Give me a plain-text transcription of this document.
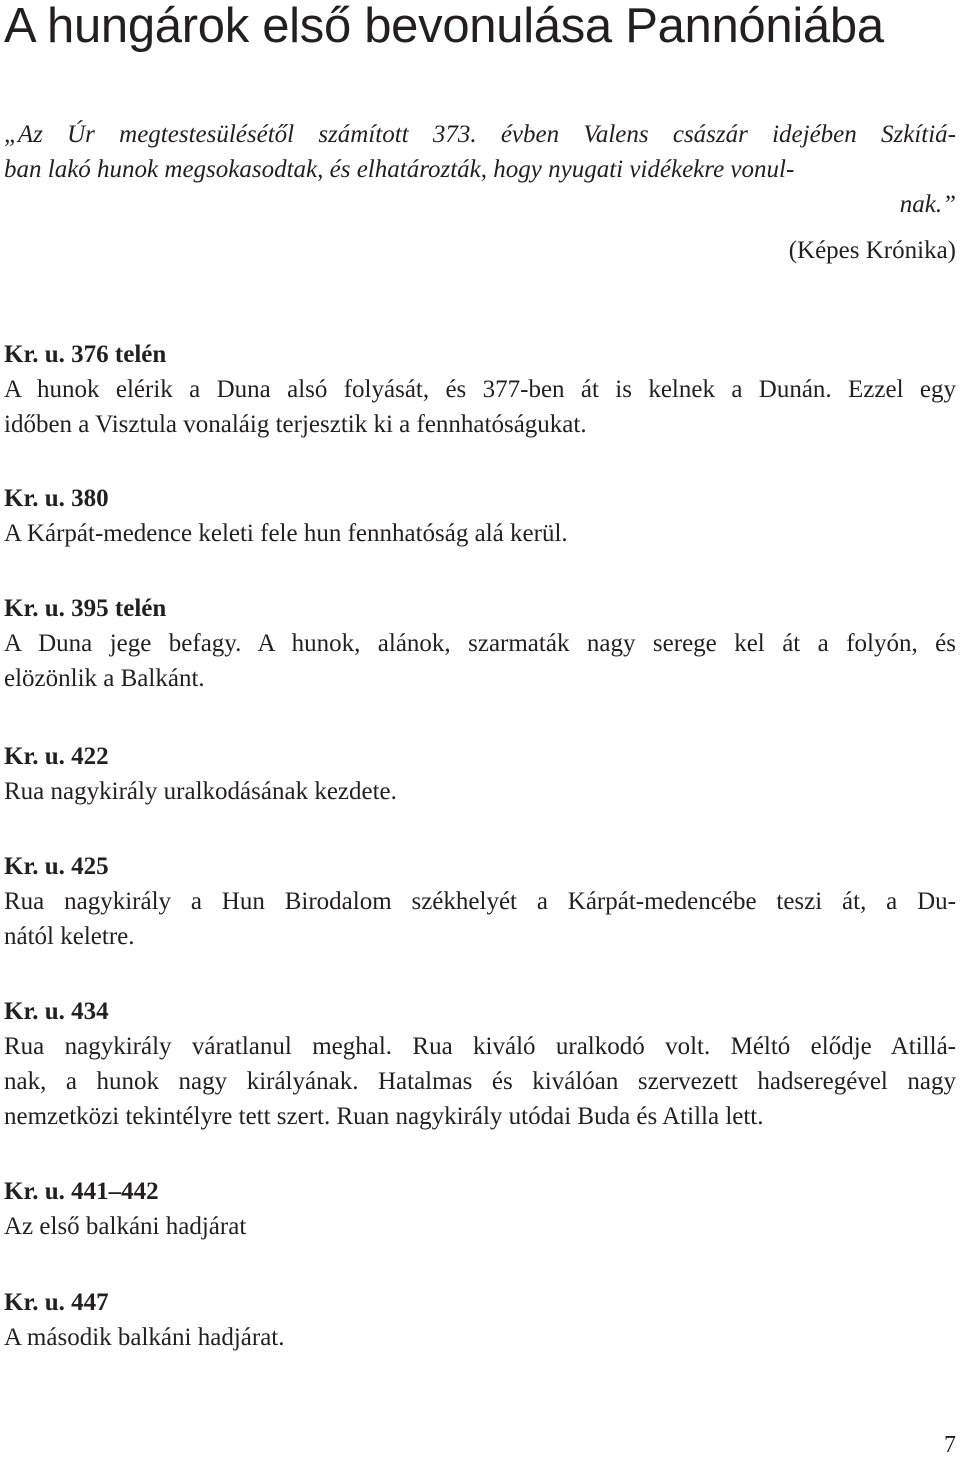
A hungárok első bevonulása Pannóniába
„Az Úr megtestesülésétől számított 373. évben Valens császár idejében Szkítiá-
ban lakó hunok megsokasodtak, és elhatározták, hogy nyugati vidékekre vonul-
nak.”
(Képes Krónika)
Kr. u. 376 telén
A hunok elérik a Duna alsó folyását, és 377-ben át is kelnek a Dunán. Ezzel egy
időben a Visztula vonaláig terjesztik ki a fennhatóságukat.
Kr. u. 380
A Kárpát-medence keleti fele hun fennhatóság alá kerül.
Kr. u. 395 telén
A Duna jege befagy. A hunok, alánok, szarmaták nagy serege kel át a folyón, és
elözönlik a Balkánt.
Kr. u. 422
Rua nagykirály uralkodásának kezdete.
Kr. u. 425
Rua nagykirály a Hun Birodalom székhelyét a Kárpát-medencébe teszi át, a Du-
nától keletre.
Kr. u. 434
Rua nagykirály váratlanul meghal. Rua kiváló uralkodó volt. Méltó elődje Atillá-
nak, a hunok nagy királyának. Hatalmas és kiválóan szervezett hadseregével nagy
nemzetközi tekintélyre tett szert. Ruan nagykirály utódai Buda és Atilla lett.
Kr. u. 441–442
Az első balkáni hadjárat
Kr. u. 447
A második balkáni hadjárat.
7
